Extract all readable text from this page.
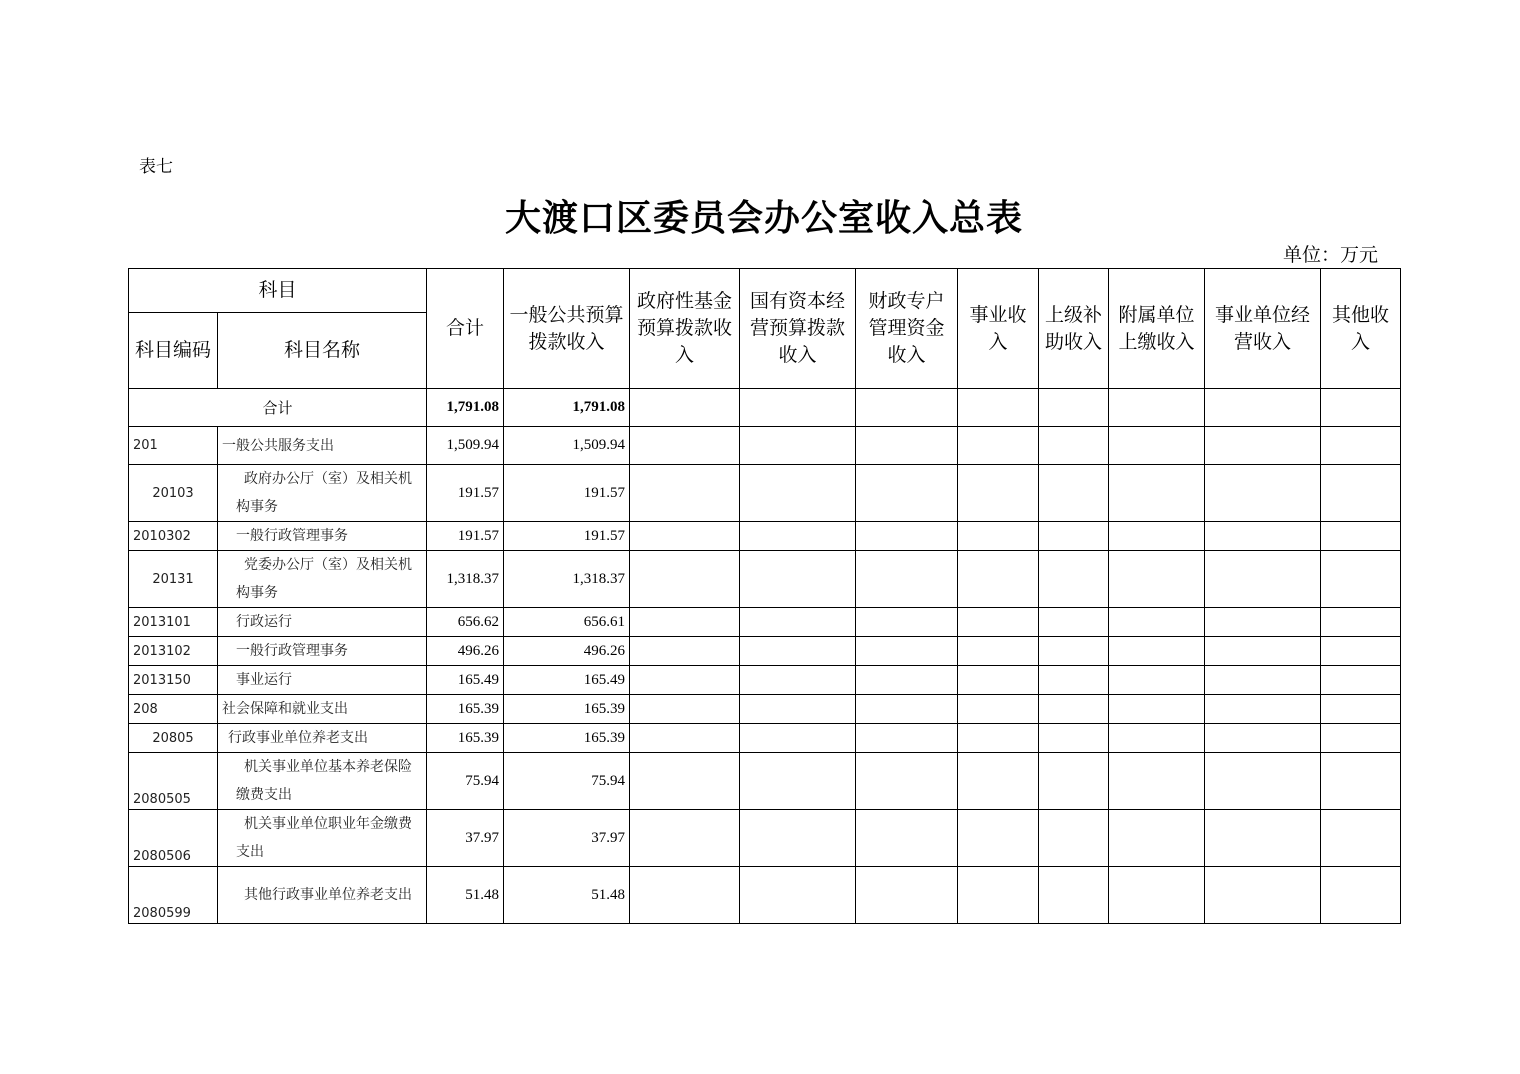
表七
大渡口区委员会办公室收入总表
单位：万元
科目		合计	一般公共预算拨款收入	政府性基金预算拨款收入	国有资本经营预算拨款收入	财政专户管理资金收入	事业收入	上级补助收入	附属单位上缴收入	事业单位经营收入	其他收入
科目编码	科目名称										
合计		1,791.08	1,791.08								
201	一般公共服务支出	1,509.94	1,509.94								
20103	政府办公厅（室）及相关机构事务	191.57	191.57								
2010302	一般行政管理事务	191.57	191.57								
20131	党委办公厅（室）及相关机构事务	1,318.37	1,318.37								
2013101	行政运行	656.62	656.61								
2013102	一般行政管理事务	496.26	496.26								
2013150	事业运行	165.49	165.49								
208	社会保障和就业支出	165.39	165.39								
20805	行政事业单位养老支出	165.39	165.39								
2080505	机关事业单位基本养老保险缴费支出	75.94	75.94								
2080506	机关事业单位职业年金缴费支出	37.97	37.97								
2080599	其他行政事业单位养老支出	51.48	51.48								
